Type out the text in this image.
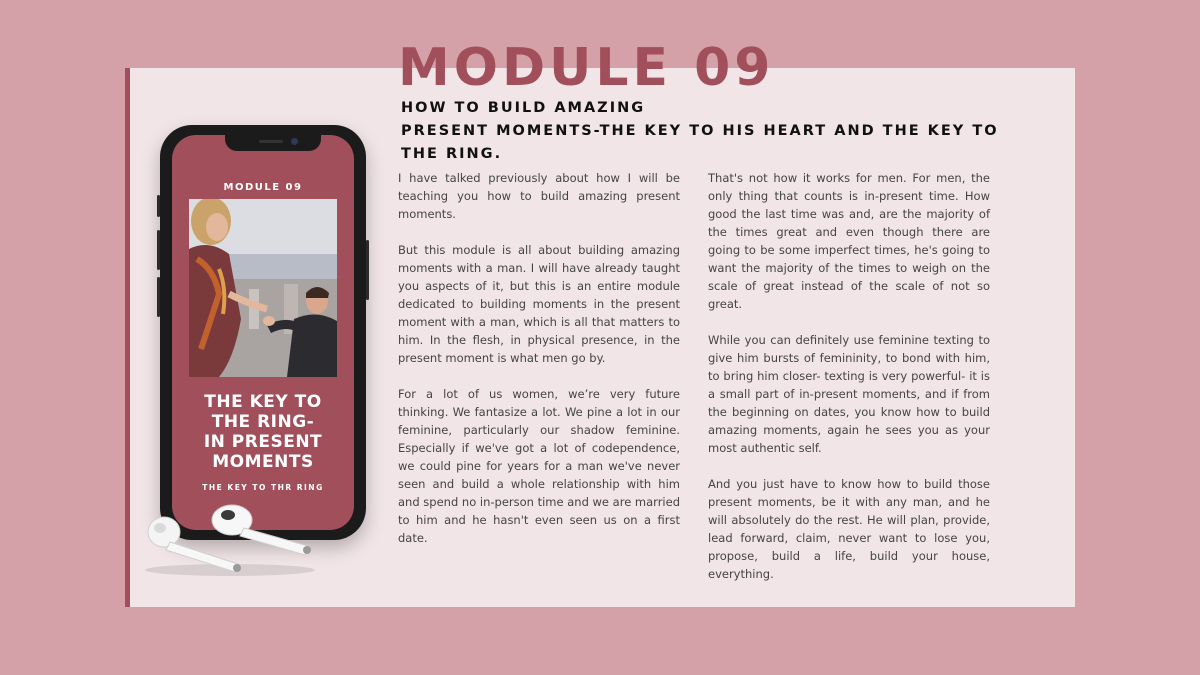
MODULE 09
HOW TO BUILD AMAZING
PRESENT MOMENTS-THE KEY TO HIS HEART AND THE KEY TO THE RING.
MODULE 09
THE KEY TO
THE RING-
IN PRESENT
MOMENTS
THE KEY TO THR RING

I have talked previously about how I will be teaching you how to build amazing present moments.

But this module is all about building amazing moments with a man. I will have already taught you aspects of it, but this is an entire module dedicated to building moments in the present moment with a man, which is all that matters to him. In the flesh, in physical presence, in the present moment is what men go by.

For a lot of us women, we’re very future thinking. We fantasize a lot. We pine a lot in our feminine, particularly our shadow feminine. Especially if we've got a lot of codependence, we could pine for years for a man we've never seen and build a whole relationship with him and spend no in-person time and we are married to him and he hasn't even seen us on a first date.

That's not how it works for men. For men, the only thing that counts is in-present time. How good the last time was and, are the majority of the times great and even though there are going to be some imperfect times, he's going to want the majority of the times to weigh on the scale of great instead of the scale of not so great.

While you can definitely use feminine texting to give him bursts of femininity, to bond with him, to bring him closer- texting is very powerful- it is a small part of in-present moments, and if from the beginning on dates, you know how to build amazing moments, again he sees you as your most authentic self.

And you just have to know how to build those present moments, be it with any man, and he will absolutely do the rest. He will plan, provide, lead forward, claim, never want to lose you, propose, build a life, build your house, everything.
